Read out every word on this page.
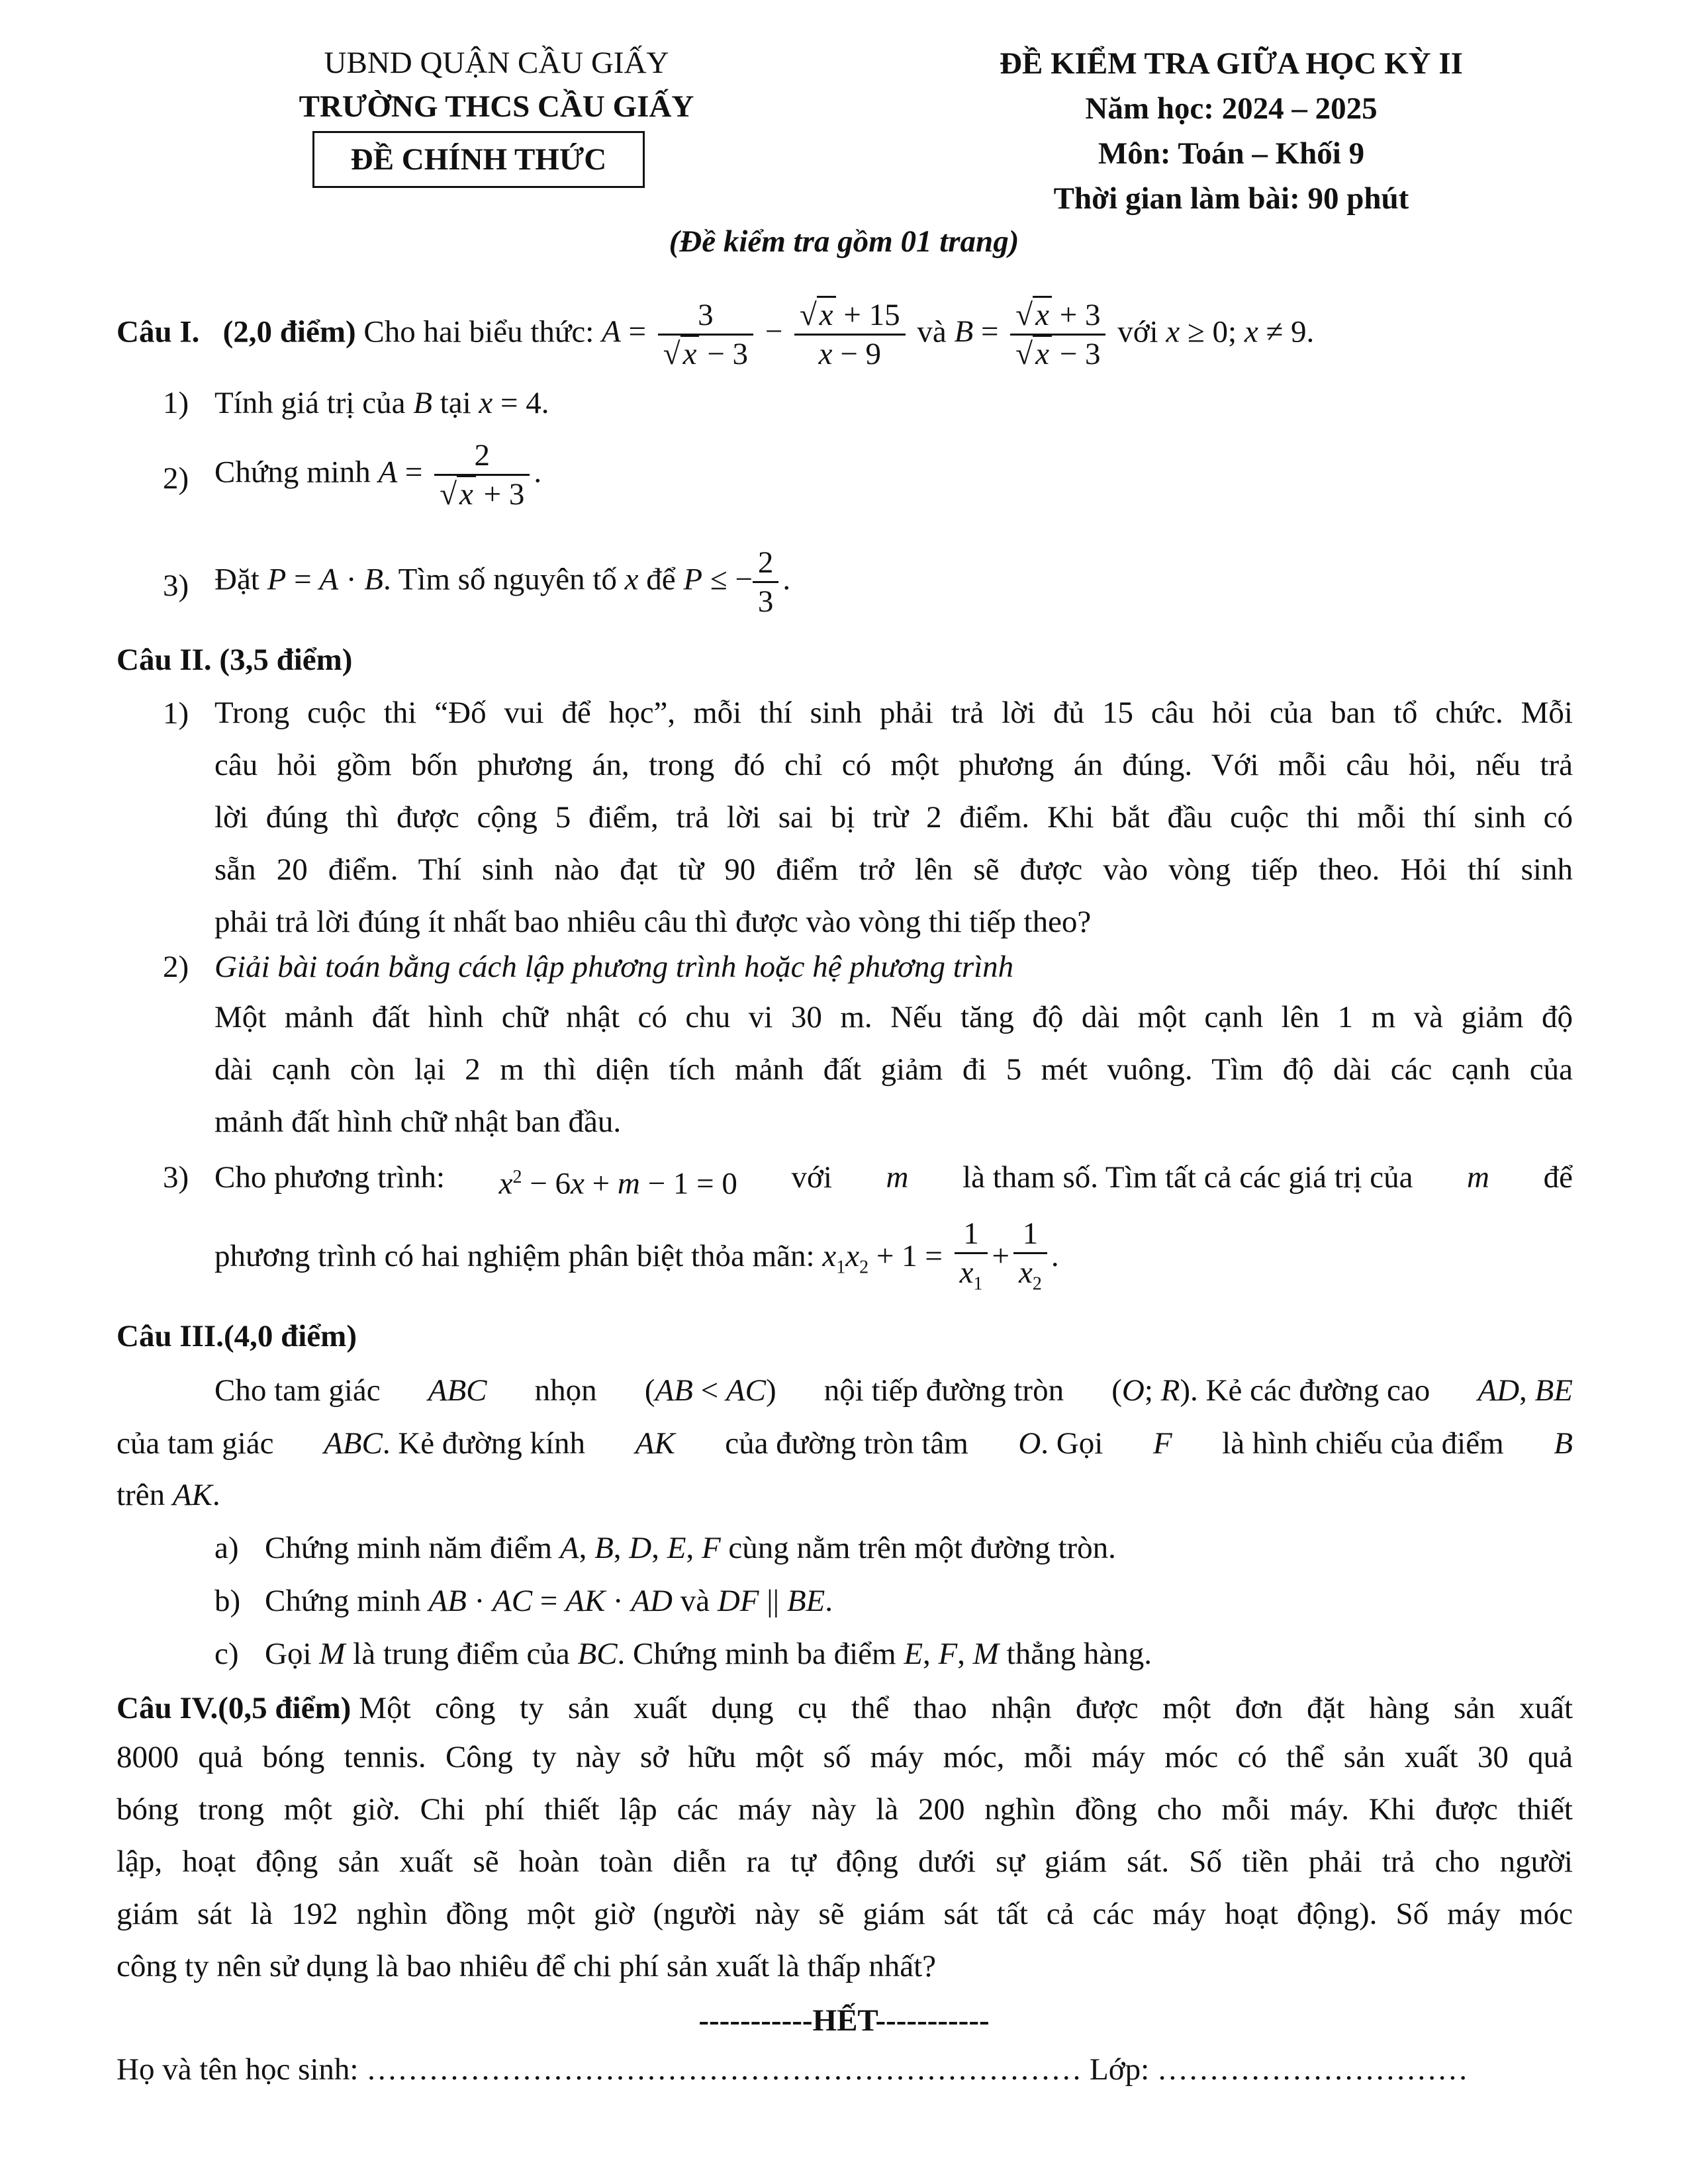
UBND QUẬN CẦU GIẤY
TRƯỜNG THCS CẦU GIẤY
ĐỀ CHÍNH THỨC
ĐỀ KIỂM TRA GIỮA HỌC KỲ II
Năm học: 2024 – 2025
Môn: Toán – Khối 9
Thời gian làm bài: 90 phút
(Đề kiểm tra gồm 01 trang)
Câu I. (2,0 điểm) Cho hai biểu thức: $A = \frac{3}{√x - 3} - \frac{√x + 15}{x - 9}$ và $B = \frac{√x + 3}{√x - 3}$ với x ≥ 0; x ≠ 9.
1) Tính giá trị của B tại x = 4.
2) Chứng minh $A = \frac{2}{√x + 3}$ .
3) Đặt P = A · B. Tìm số nguyên tố x để P ≤ − $\frac{2}{3}$ .
Câu II. (3,5 điểm)
1) Trong cuộc thi “Đố vui để học”, mỗi thí sinh phải trả lời đủ 15 câu hỏi của ban tổ chức. Mỗi
câu hỏi gồm bốn phương án, trong đó chỉ có một phương án đúng. Với mỗi câu hỏi, nếu trả
lời đúng thì được cộng 5 điểm, trả lời sai bị trừ 2 điểm. Khi bắt đầu cuộc thi mỗi thí sinh có
sẵn 20 điểm. Thí sinh nào đạt từ 90 điểm trở lên sẽ được vào vòng tiếp theo. Hỏi thí sinh
phải trả lời đúng ít nhất bao nhiêu câu thì được vào vòng thi tiếp theo?
2) Giải bài toán bằng cách lập phương trình hoặc hệ phương trình
Một mảnh đất hình chữ nhật có chu vi 30 m. Nếu tăng độ dài một cạnh lên 1 m và giảm độ
dài cạnh còn lại 2 m thì diện tích mảnh đất giảm đi 5 mét vuông. Tìm độ dài các cạnh của
mảnh đất hình chữ nhật ban đầu.
3) Cho phương trình: $x^2 - 6x + m - 1 = 0$ với m là tham số. Tìm tất cả các giá trị của m để
phương trình có hai nghiệm phân biệt thỏa mãn: $x_1x_2 + 1 = \frac{1}{x_1} + \frac{1}{x_2}$ .
Câu III.(4,0 điểm)
Cho tam giác ABC nhọn (AB < AC) nội tiếp đường tròn (O; R). Kẻ các đường cao AD, BE
của tam giác ABC. Kẻ đường kính AK của đường tròn tâm O. Gọi F là hình chiếu của điểm B
trên AK.
a) Chứng minh năm điểm A, B, D, E, F cùng nằm trên một đường tròn.
b) Chứng minh AB · AC = AK · AD và DF || BE.
c) Gọi M là trung điểm của BC. Chứng minh ba điểm E, F, M thẳng hàng.
Câu IV.(0,5 điểm) Một công ty sản xuất dụng cụ thể thao nhận được một đơn đặt hàng sản xuất
8000 quả bóng tennis. Công ty này sở hữu một số máy móc, mỗi máy móc có thể sản xuất 30 quả
bóng trong một giờ. Chi phí thiết lập các máy này là 200 nghìn đồng cho mỗi máy. Khi được thiết
lập, hoạt động sản xuất sẽ hoàn toàn diễn ra tự động dưới sự giám sát. Số tiền phải trả cho người
giám sát là 192 nghìn đồng một giờ (người này sẽ giám sát tất cả các máy hoạt động). Số máy móc
công ty nên sử dụng là bao nhiêu để chi phí sản xuất là thấp nhất?
-----------HẾT-----------
Họ và tên học sinh: …………………………………………………………… Lớp: …………………………
